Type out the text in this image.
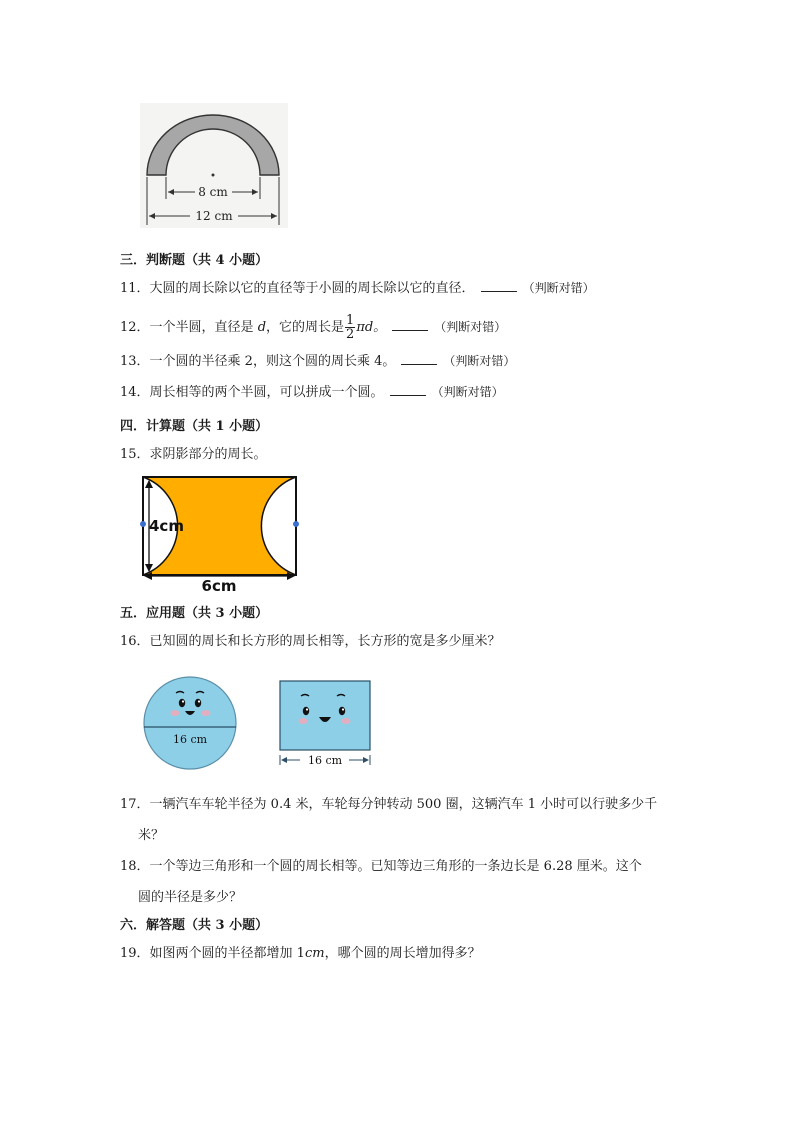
8 cm
12 cm
三．判断题（共 4 小题）
11．大圆的周长除以它的直径等于小圆的周长除以它的直径．	（判断对错）
12．一个半圆，直径是 d，它的周长是 $\frac{1}{2}$ πd。	（判断对错）
13．一个圆的半径乘 2，则这个圆的周长乘 4。	（判断对错）
14．周长相等的两个半圆，可以拼成一个圆。	（判断对错）
四．计算题（共 1 小题）
15．求阴影部分的周长。
4cm
6cm
五．应用题（共 3 小题）
16．已知圆的周长和长方形的周长相等，长方形的宽是多少厘米？
16 cm
16 cm
17．一辆汽车车轮半径为 0.4 米，车轮每分钟转动 500 圈，这辆汽车 1 小时可以行驶多少千
米？
18．一个等边三角形和一个圆的周长相等。已知等边三角形的一条边长是 6.28 厘米。这个
圆的半径是多少？
六．解答题（共 3 小题）
19．如图两个圆的半径都增加 1cm，哪个圆的周长增加得多？
